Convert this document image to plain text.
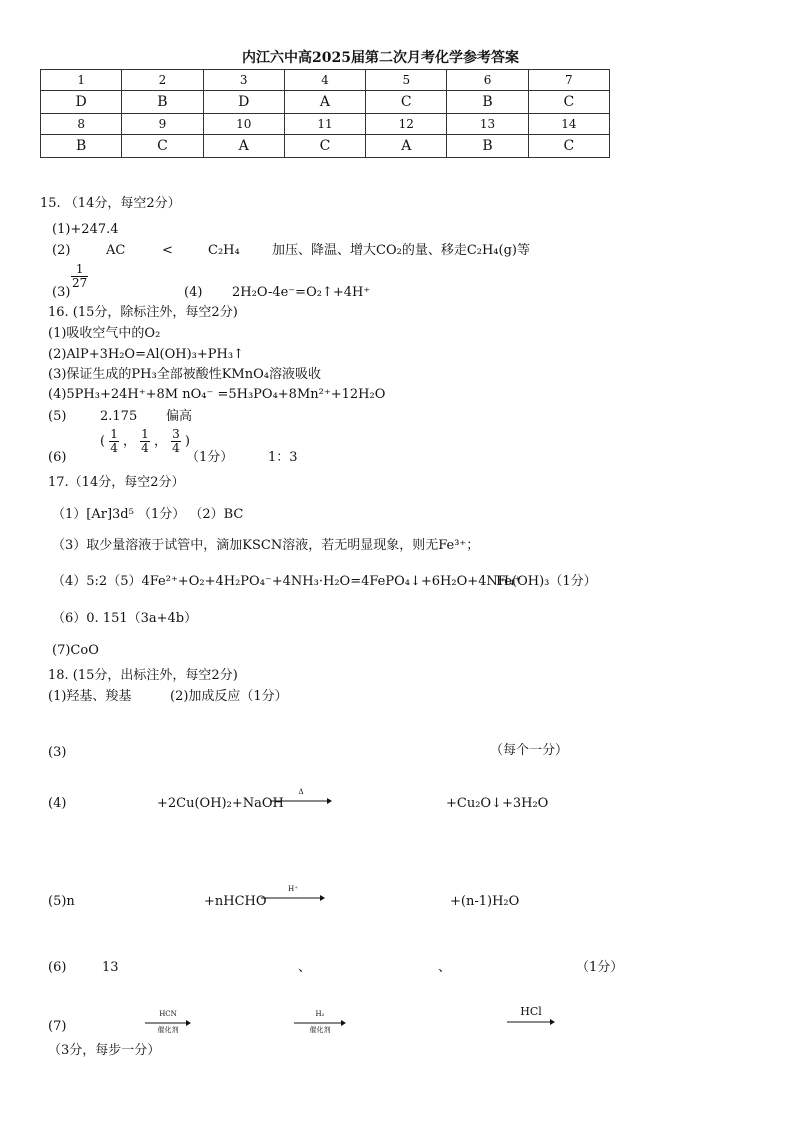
内江六中高2025届第二次月考化学参考答案
1	2	3	4	5	6	7
D	B	D	A	C	B	C
8	9	10	11	12	13	14
B	C	A	C	A	B	C
15. （14分，每空2分）
(1)+247.4
(2)	AC	<	C₂H₄ 加压、降温、增大CO₂的量、移走C₂H₄(g)等
(3)
$\frac{1}{27}$
(4) 2H₂O-4e⁻=O₂↑+4H⁺
16. (15分，除标注外，每空2分)
(1)吸收空气中的O₂
(2)AlP+3H₂O=Al(OH)₃+PH₃↑
(3)保证生成的PH₃全部被酸性KMnO₄溶液吸收
(4)5PH₃+24H⁺+8M nO₄⁻ =5H₃PO₄+8Mn²⁺+12H₂O
(5)	2.175 偏高
(6)
( $\frac{1}{4}$ ， $\frac{1}{4}$ ， $\frac{3}{4}$ )
（1分）	1：3
17.（14分，每空2分）
（1）[Ar]3d⁵ （1分） （2）BC
（3）取少量溶液于试管中，滴加KSCN溶液，若无明显现象，则无Fe³⁺；
（4）5:2（5）4Fe²⁺+O₂+4H₂PO₄⁻+4NH₃·H₂O=4FePO₄↓+6H₂O+4NH₄⁺
Fe(OH)₃（1分）
（6）0. 151（3a+4b）
(7)CoO
18. (15分，出标注外，每空2分)
(1)羟基、羧基	(2)加成反应（1分）
(3)	（每个一分）
(4)	+2Cu(OH)₂+NaOH
Δ
+Cu₂O↓+3H₂O
(5)n	+nHCHO
H⁺
+(n-1)H₂O
(6)	13	、	、	（1分）
(7)
HCN
催化剂
H₂
催化剂
HCl
（3分，每步一分）
